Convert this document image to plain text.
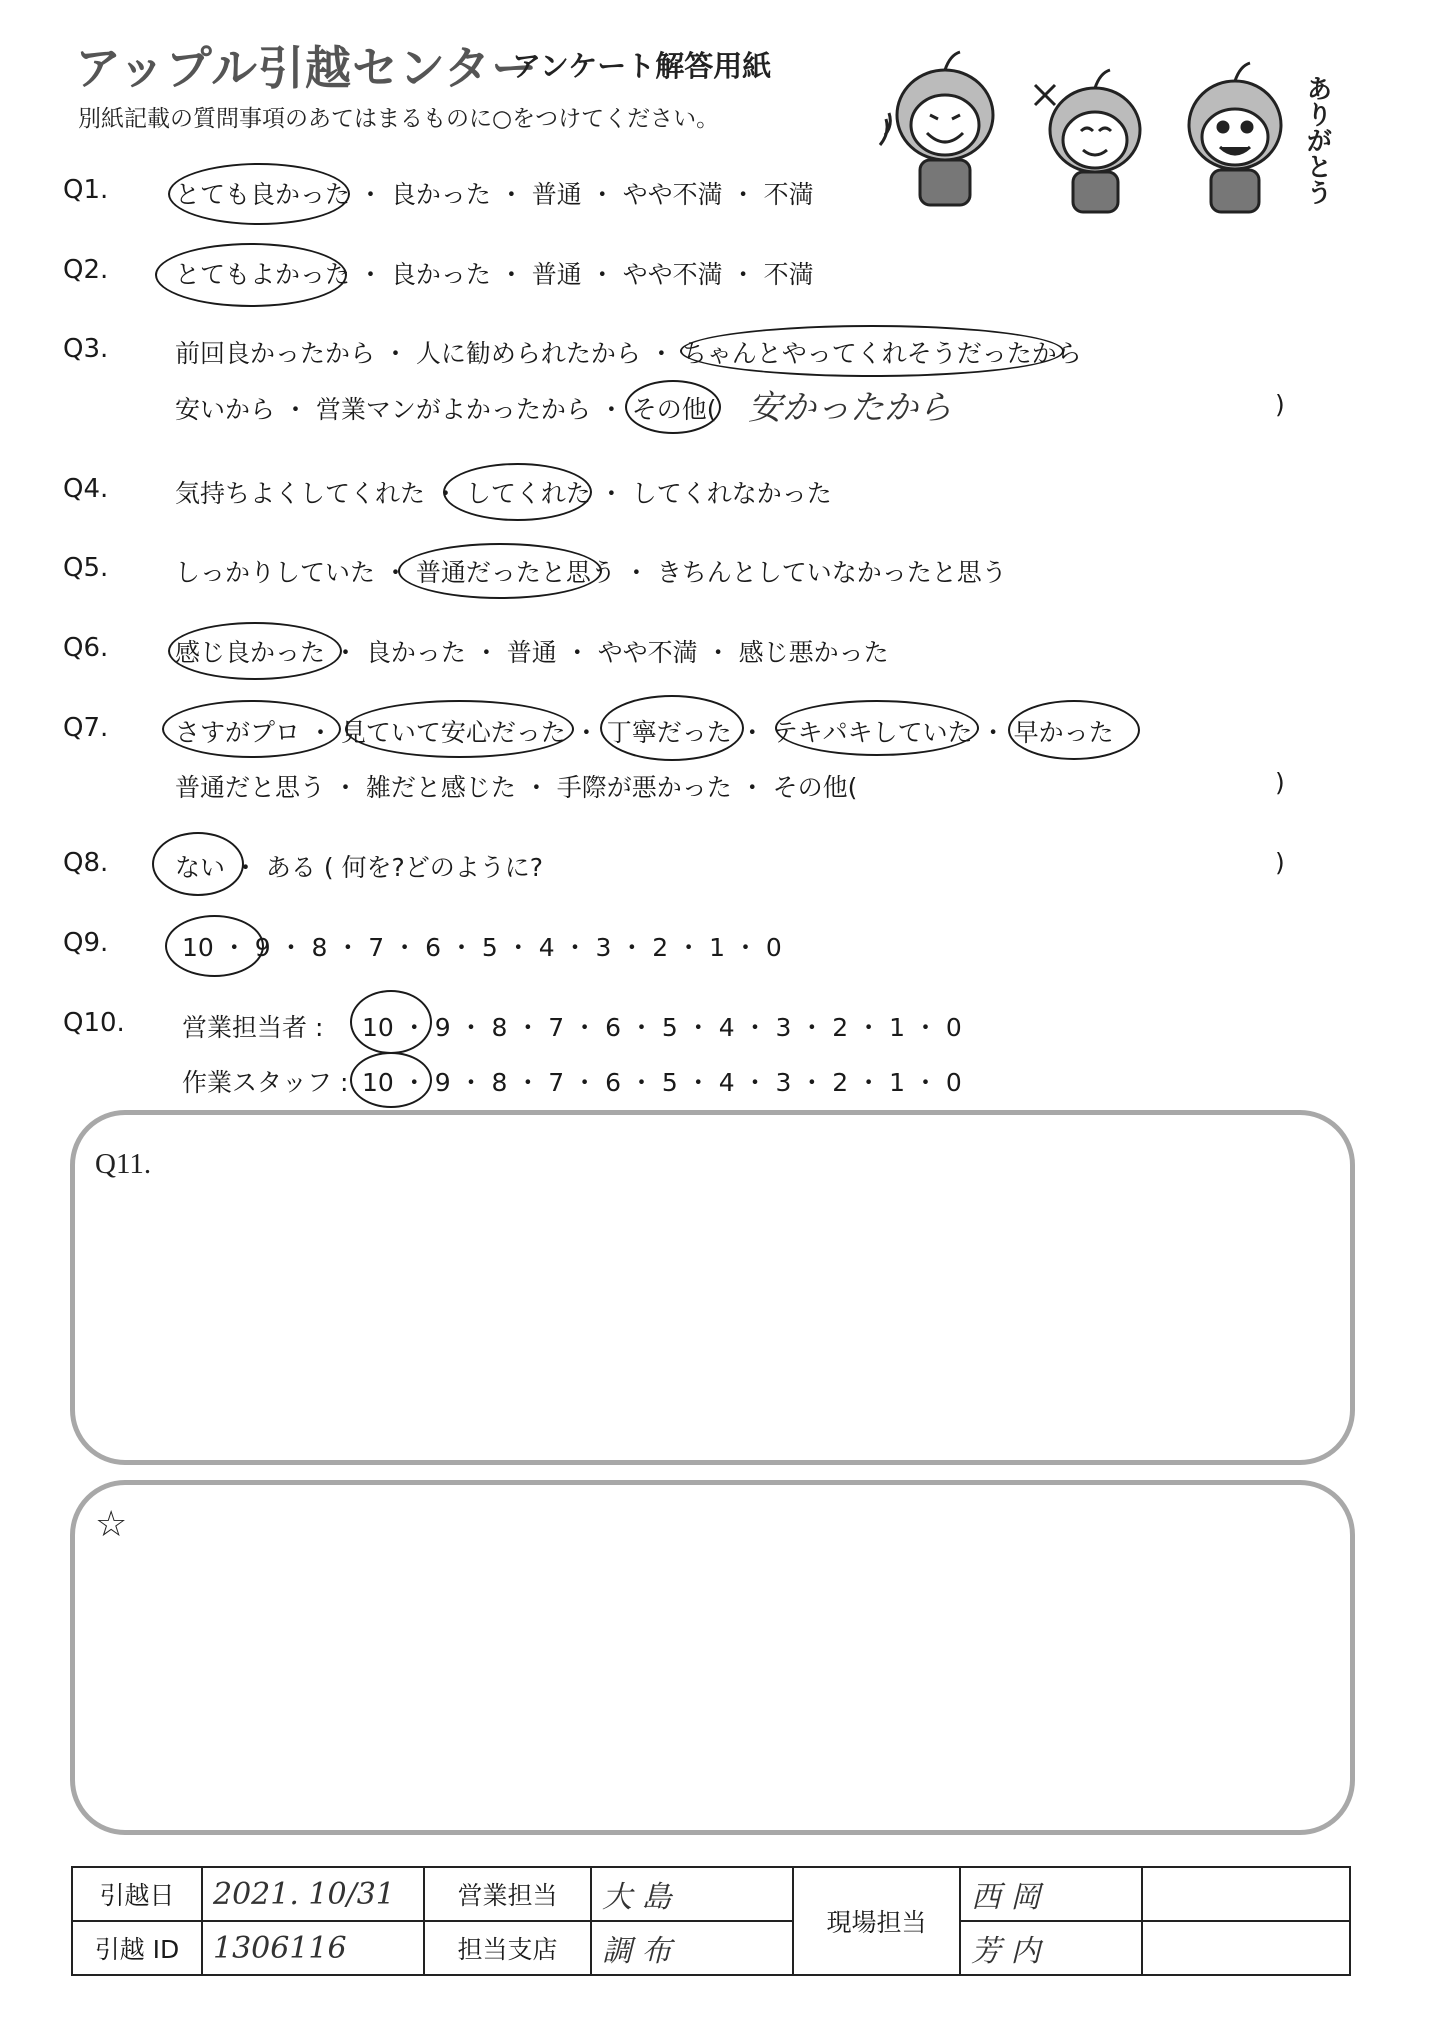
アップル引越センター
アンケート解答用紙
別紙記載の質問事項のあてはまるものに○をつけてください。	ありがとう
Q1.	とても良かった ・ 良かった ・ 普通 ・ やや不満 ・ 不満
Q2.	とてもよかった ・ 良かった ・ 普通 ・ やや不満 ・ 不満
Q3.	前回良かったから ・ 人に勧められたから ・ ちゃんとやってくれそうだったから
安いから ・ 営業マンがよかったから ・ その他( 安かったから	)
Q4.	気持ちよくしてくれた ・ してくれた ・ してくれなかった
Q5.	しっかりしていた ・ 普通だったと思う ・ きちんとしていなかったと思う
Q6.	感じ良かった ・ 良かった ・ 普通 ・ やや不満 ・ 感じ悪かった
Q7.	さすがプロ ・ 見ていて安心だった ・ 丁寧だった ・ テキパキしていた ・ 早かった
普通だと思う ・ 雑だと感じた ・ 手際が悪かった ・ その他(	)
Q8.	ない ・ ある ( 何を?どのように?	)
Q9.	10 ・ 9 ・ 8 ・ 7 ・ 6 ・ 5 ・ 4 ・ 3 ・ 2 ・ 1 ・ 0
Q10. 営業担当者 : 10 ・ 9 ・ 8 ・ 7 ・ 6 ・ 5 ・ 4 ・ 3 ・ 2 ・ 1 ・ 0
作業スタッフ : 10 ・ 9 ・ 8 ・ 7 ・ 6 ・ 5 ・ 4 ・ 3 ・ 2 ・ 1 ・ 0
Q11.
☆
引越日	2021. 10/31	営業担当	大 島	現場担当	西 岡	
引越 ID	1306116	担当支店	調 布		芳 内	
